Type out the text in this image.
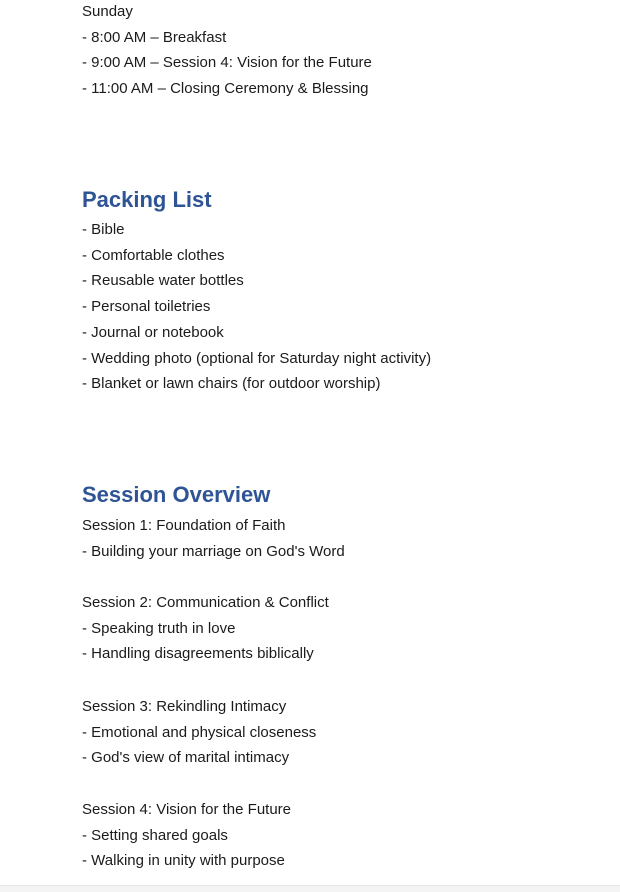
Sunday
- 8:00 AM – Breakfast
- 9:00 AM – Session 4: Vision for the Future
- 11:00 AM – Closing Ceremony & Blessing
Packing List
- Bible
- Comfortable clothes
- Reusable water bottles
- Personal toiletries
- Journal or notebook
- Wedding photo (optional for Saturday night activity)
- Blanket or lawn chairs (for outdoor worship)
Session Overview
Session 1: Foundation of Faith
- Building your marriage on God's Word
Session 2: Communication & Conflict
- Speaking truth in love
- Handling disagreements biblically
Session 3: Rekindling Intimacy
- Emotional and physical closeness
- God's view of marital intimacy
Session 4: Vision for the Future
- Setting shared goals
- Walking in unity with purpose
